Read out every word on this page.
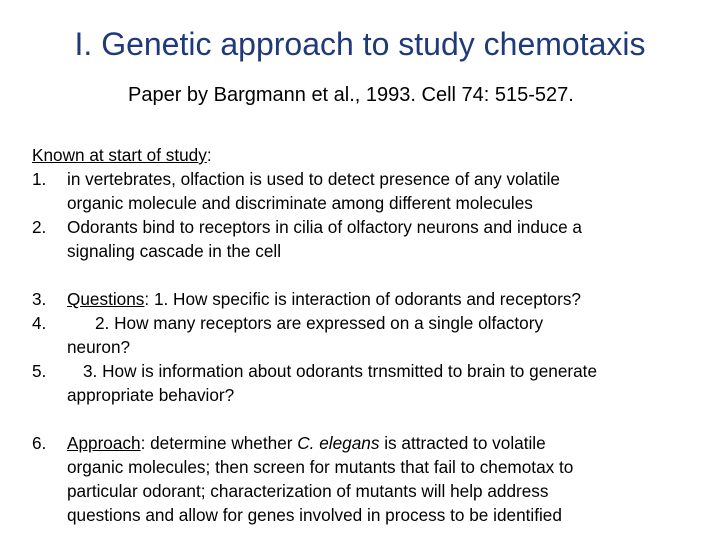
I. Genetic approach to study chemotaxis
Paper by Bargmann et al., 1993. Cell 74: 515-527.
Known at start of study:
1. in vertebrates, olfaction is used to detect presence of any volatile
organic molecule and discriminate among different molecules
2. Odorants bind to receptors in cilia of olfactory neurons and induce a
signaling cascade in the cell
3. Questions: 1. How specific is interaction of odorants and receptors?
4.	2. How many receptors are expressed on a single olfactory
neuron?
5. 3. How is information about odorants trnsmitted to brain to generate
appropriate behavior?
6. Approach: determine whether C. elegans is attracted to volatile
organic molecules; then screen for mutants that fail to chemotax to
particular odorant; characterization of mutants will help address
questions and allow for genes involved in process to be identified
